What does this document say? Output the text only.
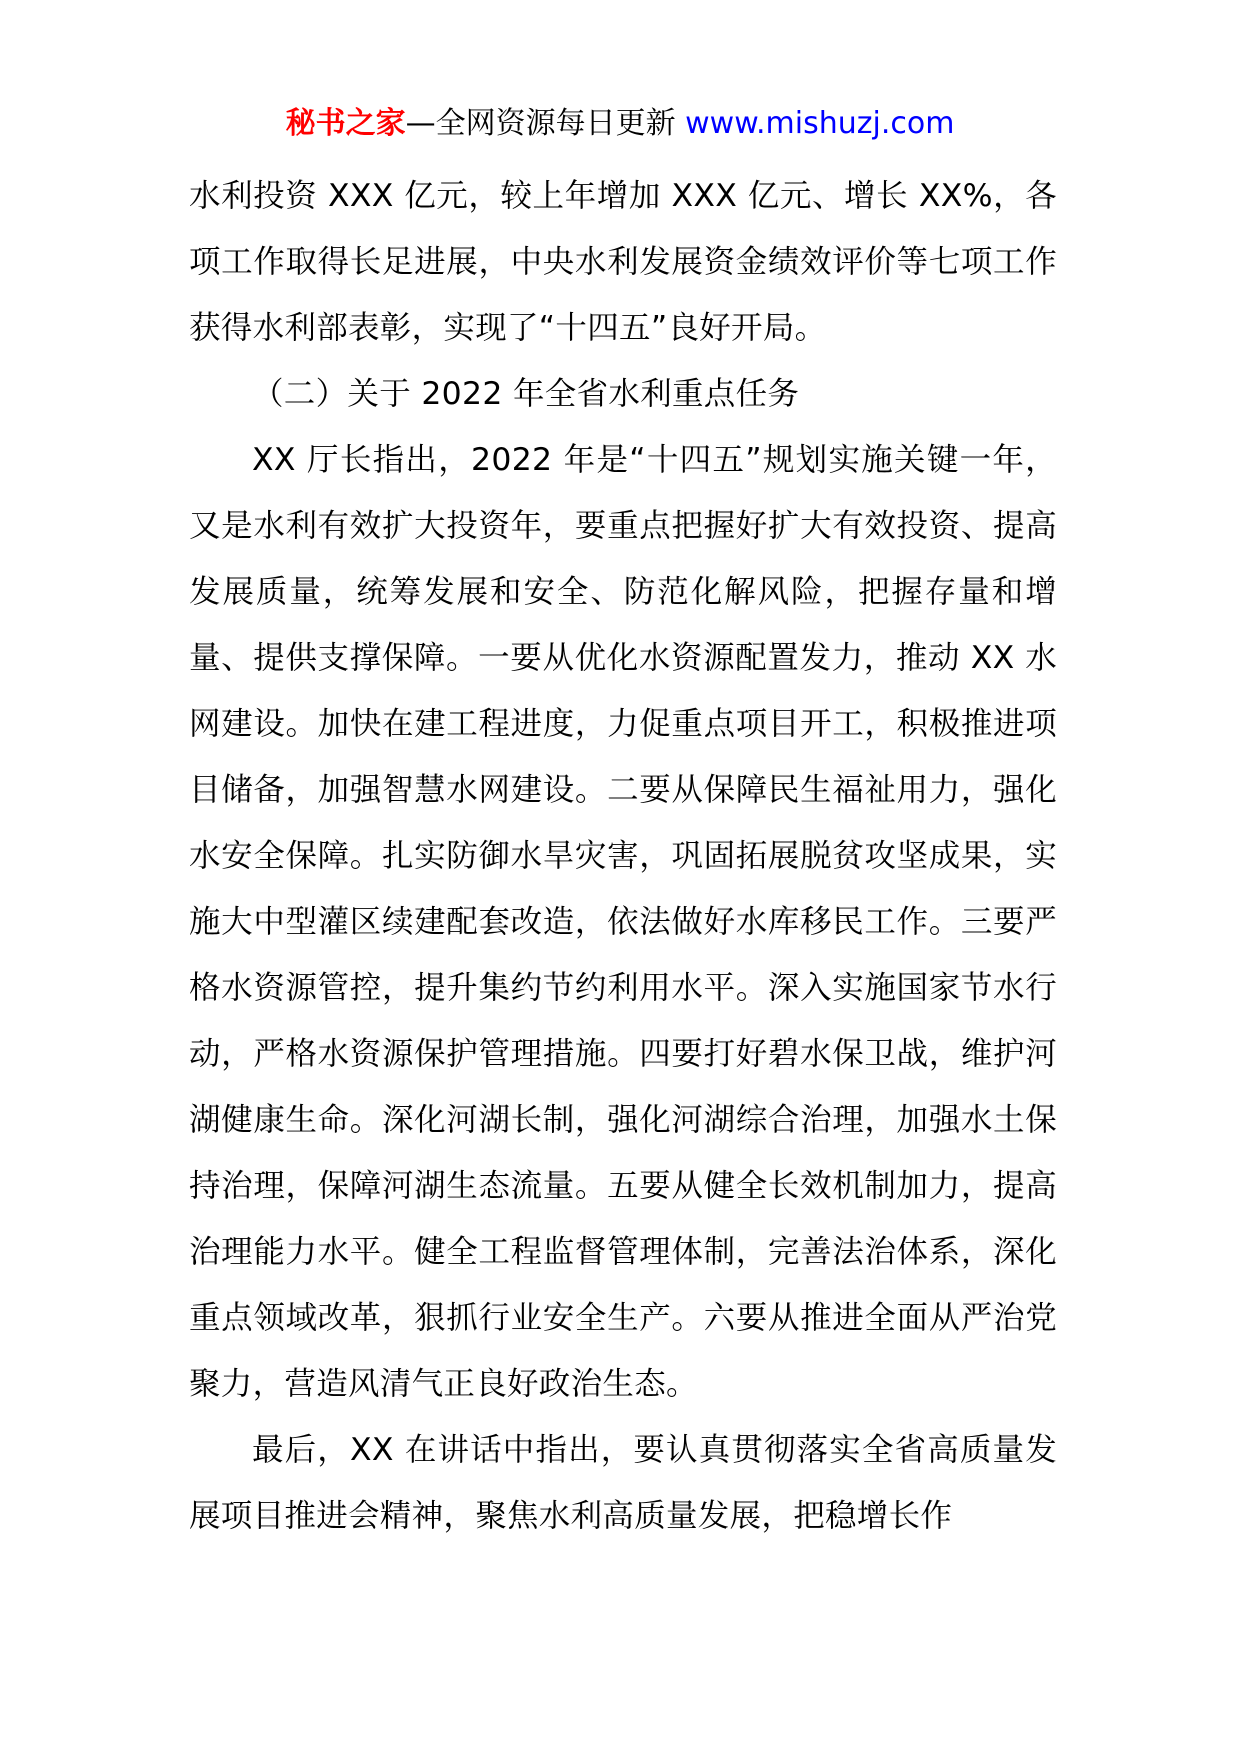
秘书之家—全网资源每日更新 www.mishuzj.com

水利投资 XXX 亿元，较上年增加 XXX 亿元、增长 XX%，各项工作取得长足进展，中央水利发展资金绩效评价等七项工作获得水利部表彰，实现了“十四五”良好开局。

（二）关于 2022 年全省水利重点任务

XX 厅长指出，2022 年是“十四五”规划实施关键一年，又是水利有效扩大投资年，要重点把握好扩大有效投资、提高发展质量，统筹发展和安全、防范化解风险，把握存量和增量、提供支撑保障。一要从优化水资源配置发力，推动 XX 水网建设。加快在建工程进度，力促重点项目开工，积极推进项目储备，加强智慧水网建设。二要从保障民生福祉用力，强化水安全保障。扎实防御水旱灾害，巩固拓展脱贫攻坚成果，实施大中型灌区续建配套改造，依法做好水库移民工作。三要严格水资源管控，提升集约节约利用水平。深入实施国家节水行动，严格水资源保护管理措施。四要打好碧水保卫战，维护河湖健康生命。深化河湖长制，强化河湖综合治理，加强水土保持治理，保障河湖生态流量。五要从健全长效机制加力，提高治理能力水平。健全工程监督管理体制，完善法治体系，深化重点领域改革，狠抓行业安全生产。六要从推进全面从严治党聚力，营造风清气正良好政治生态。

最后，XX 在讲话中指出，要认真贯彻落实全省高质量发展项目推进会精神，聚焦水利高质量发展，把稳增长作
